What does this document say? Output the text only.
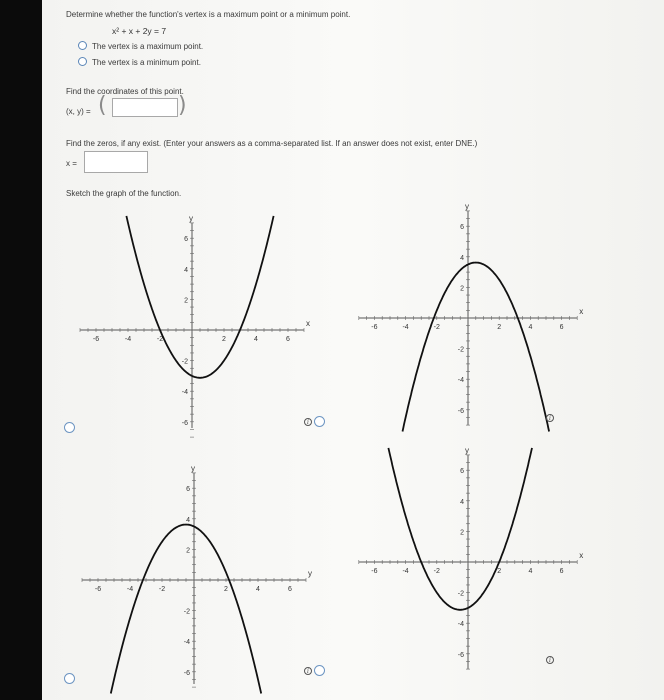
Determine whether the function's vertex is a maximum point or a minimum point.
x² + x + 2y = 7
The vertex is a maximum point.
The vertex is a minimum point.
Find the coordinates of this point.
(x, y) = (	)
Find the zeros, if any exist. (Enter your answers as a comma-separated list. If an answer does not exist, enter DNE.)
x =
Sketch the graph of the function.
-6	-4	-2	2	4	6
6
4
2
-2
-4
-6
x
y
-6	-4	-2	2	4	6
6
4
2
-2
-4
-6
x
y
-6	-4	-2	2	4	6
6
4
2
-2
-4
-6
y
y
-6	-4	-2	2	4	6
6
4
2
-2
-4
-6
x
y
i
i
i
i
